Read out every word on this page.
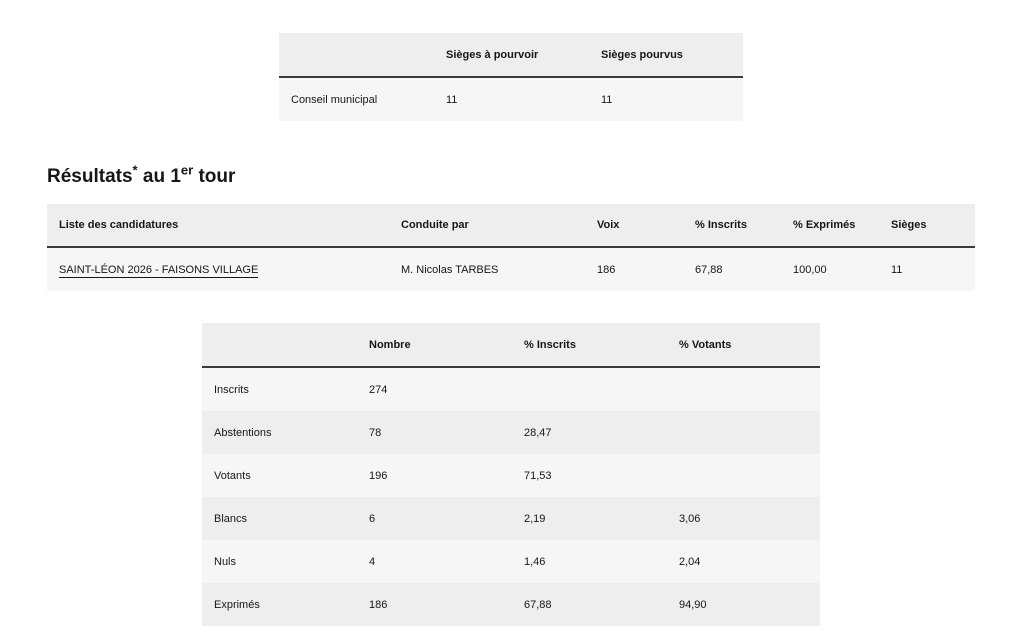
	Sièges à pourvoir	Sièges pourvus
Conseil municipal	11	11
Résultats* au 1er tour
Liste des candidatures	Conduite par	Voix	% Inscrits	% Exprimés	Sièges
SAINT-LÉON 2026 - FAISONS VILLAGE	M. Nicolas TARBES	186	67,88	100,00	11
	Nombre	% Inscrits	% Votants
Inscrits	274		
Abstentions	78	28,47	
Votants	196	71,53	
Blancs	6	2,19	3,06
Nuls	4	1,46	2,04
Exprimés	186	67,88	94,90
